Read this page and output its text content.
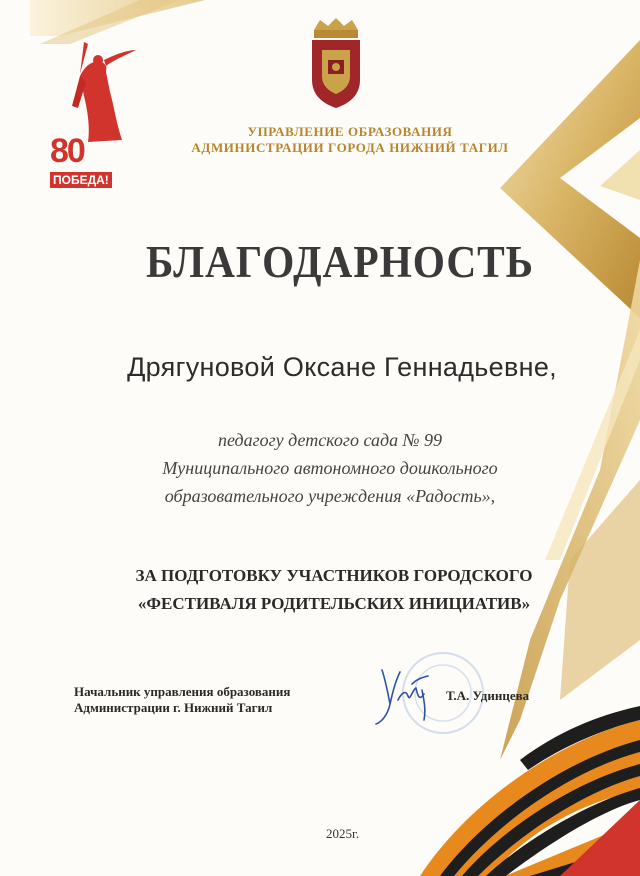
80
ПОБЕДА!
УПРАВЛЕНИЕ ОБРАЗОВАНИЯ
АДМИНИСТРАЦИИ ГОРОДА НИЖНИЙ ТАГИЛ
БЛАГОДАРНОСТЬ
Дрягуновой Оксане Геннадьевне,
педагогу детского сада № 99
Муниципального автономного дошкольного
образовательного учреждения «Радость»,
ЗА ПОДГОТОВКУ УЧАСТНИКОВ ГОРОДСКОГО
«ФЕСТИВАЛЯ РОДИТЕЛЬСКИХ ИНИЦИАТИВ»
Начальник управления образования
Администрации г. Нижний Тагил
Т.А. Удинцева
2025г.
